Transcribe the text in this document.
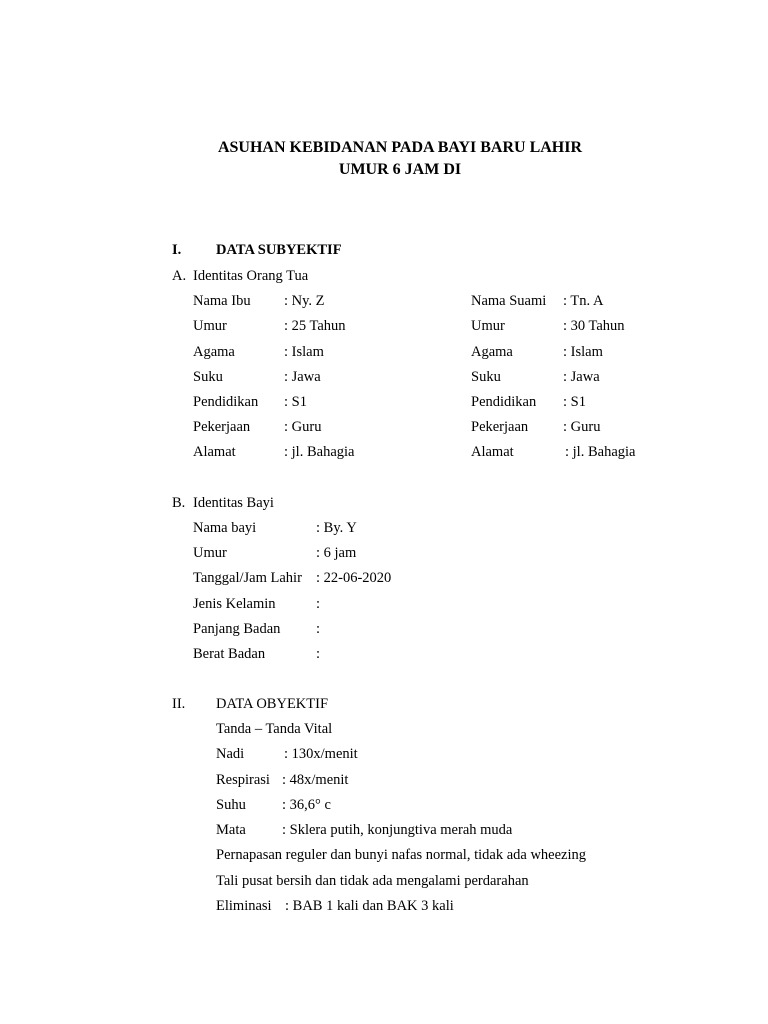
ASUHAN KEBIDANAN PADA BAYI BARU LAHIR
UMUR 6 JAM DI
I. DATA SUBYEKTIF
A. Identitas Orang Tua
Nama Ibu : Ny. Z
Umur	: 25 Tahun
Agama	: Islam
Suku	: Jawa
Pendidikan : S1
Pekerjaan : Guru
Alamat	: jl. Bahagia
Nama Suami : Tn. A
Umur	: 30 Tahun
Agama	: Islam
Suku	: Jawa
Pendidikan : S1
Pekerjaan : Guru
Alamat	: jl. Bahagia
B. Identitas Bayi
Nama bayi	: By. Y
Umur	: 6 jam
Tanggal/Jam Lahir : 22-06-2020
Jenis Kelamin	:
Panjang Badan :
Berat Badan	:
II. DATA OBYEKTIF
Tanda – Tanda Vital
Nadi	: 130x/menit
Respirasi : 48x/menit
Suhu : 36,6° c
Mata : Sklera putih, konjungtiva merah muda
Pernapasan reguler dan bunyi nafas normal, tidak ada wheezing
Tali pusat bersih dan tidak ada mengalami perdarahan
Eliminasi : BAB 1 kali dan BAK 3 kali
